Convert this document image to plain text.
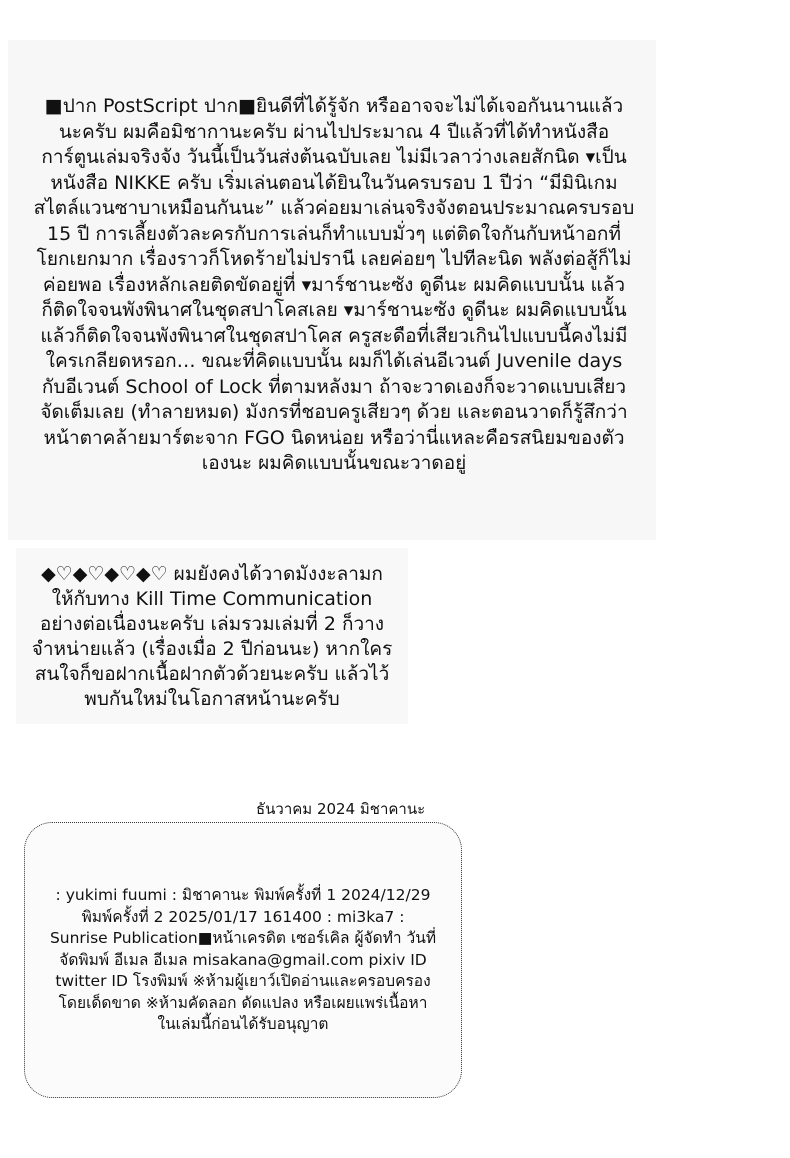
■ปาก PostScript ปาก■ยินดีที่ได้รู้จัก หรืออาจจะไม่ได้เจอกันนานแล้ว
นะครับ ผมคือมิชากานะครับ ผ่านไปประมาณ 4 ปีแล้วที่ได้ทำหนังสือ
การ์ตูนเล่มจริงจัง วันนี้เป็นวันส่งต้นฉบับเลย ไม่มีเวลาว่างเลยสักนิด ▾เป็น
หนังสือ NIKKE ครับ เริ่มเล่นตอนได้ยินในวันครบรอบ 1 ปีว่า “มีมินิเกม
สไตล์แวนซาบาเหมือนกันนะ” แล้วค่อยมาเล่นจริงจังตอนประมาณครบรอบ
15 ปี การเลี้ยงตัวละครกับการเล่นก็ทำแบบมั่วๆ แต่ติดใจกันกับหน้าอกที่
โยกเยกมาก เรื่องราวก็โหดร้ายไม่ปรานี เลยค่อยๆ ไปทีละนิด พลังต่อสู้ก็ไม่
ค่อยพอ เรื่องหลักเลยติดขัดอยู่ที่ ▾มาร์ชานะซัง ดูดีนะ ผมคิดแบบนั้น แล้ว
ก็ติดใจจนพังพินาศในชุดสปาโคสเลย ▾มาร์ชานะซัง ดูดีนะ ผมคิดแบบนั้น
แล้วก็ติดใจจนพังพินาศในชุดสปาโคส ครูสะดือที่เสียวเกินไปแบบนี้คงไม่มี
ใครเกลียดหรอก… ขณะที่คิดแบบนั้น ผมก็ได้เล่นอีเวนต์ Juvenile days
กับอีเวนต์ School of Lock ที่ตามหลังมา ถ้าจะวาดเองก็จะวาดแบบเสียว
จัดเต็มเลย (ทำลายหมด) มังกรที่ชอบครูเสียวๆ ด้วย และตอนวาดก็รู้สึกว่า
หน้าตาคล้ายมาร์ตะจาก FGO นิดหน่อย หรือว่านี่แหละคือรสนิยมของตัว
เองนะ ผมคิดแบบนั้นขณะวาดอยู่
◆♡◆♡◆♡◆♡ ผมยังคงได้วาดมังงะลามก
ให้กับทาง Kill Time Communication
อย่างต่อเนื่องนะครับ เล่มรวมเล่มที่ 2 ก็วาง
จำหน่ายแล้ว (เรื่องเมื่อ 2 ปีก่อนนะ) หากใคร
สนใจก็ขอฝากเนื้อฝากตัวด้วยนะครับ แล้วไว้
พบกันใหม่ในโอกาสหน้านะครับ
ธันวาคม 2024 มิชาคานะ
: yukimi fuumi : มิชาคานะ พิมพ์ครั้งที่ 1 2024/12/29
พิมพ์ครั้งที่ 2 2025/01/17 161400 : mi3ka7 :
Sunrise Publication■หน้าเครดิต เซอร์เคิล ผู้จัดทำ วันที่
จัดพิมพ์ อีเมล อีเมล misakana@gmail.com pixiv ID
twitter ID โรงพิมพ์ ※ห้ามผู้เยาว์เปิดอ่านและครอบครอง
โดยเด็ดขาด ※ห้ามคัดลอก ดัดแปลง หรือเผยแพร่เนื้อหา
ในเล่มนี้ก่อนได้รับอนุญาต
